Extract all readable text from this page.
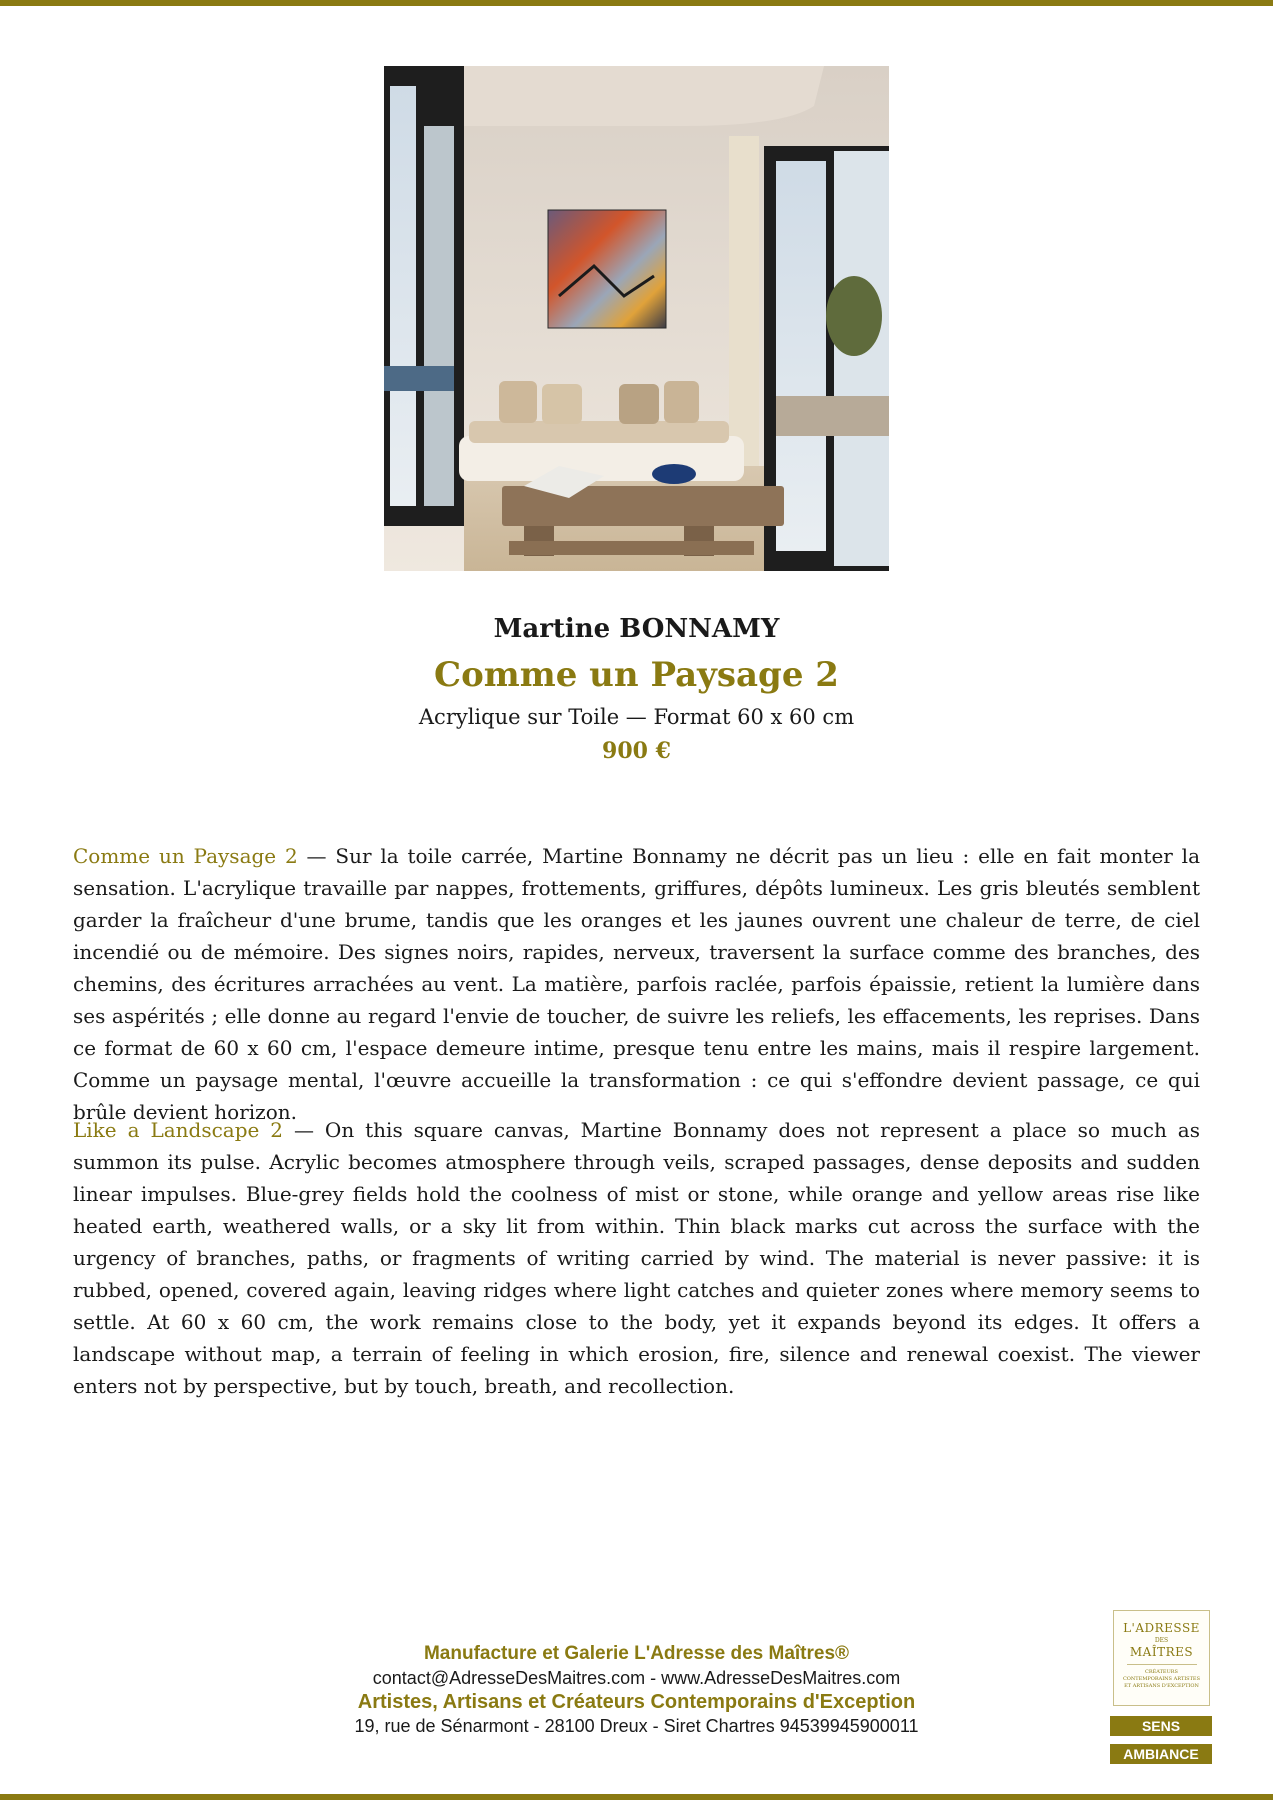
Martine BONNAMY
Comme un Paysage 2
Acrylique sur Toile — Format 60 x 60 cm
900 €

Comme un Paysage 2 — Sur la toile carrée, Martine Bonnamy ne décrit pas un lieu : elle en fait monter la sensation. L'acrylique travaille par nappes, frottements, griffures, dépôts lumineux. Les gris bleutés semblent garder la fraîcheur d'une brume, tandis que les oranges et les jaunes ouvrent une chaleur de terre, de ciel incendié ou de mémoire. Des signes noirs, rapides, nerveux, traversent la surface comme des branches, des chemins, des écritures arrachées au vent. La matière, parfois raclée, parfois épaissie, retient la lumière dans ses aspérités ; elle donne au regard l'envie de toucher, de suivre les reliefs, les effacements, les reprises. Dans ce format de 60 x 60 cm, l'espace demeure intime, presque tenu entre les mains, mais il respire largement. Comme un paysage mental, l'œuvre accueille la transformation : ce qui s'effondre devient passage, ce qui brûle devient horizon.

Like a Landscape 2 — On this square canvas, Martine Bonnamy does not represent a place so much as summon its pulse. Acrylic becomes atmosphere through veils, scraped passages, dense deposits and sudden linear impulses. Blue-grey fields hold the coolness of mist or stone, while orange and yellow areas rise like heated earth, weathered walls, or a sky lit from within. Thin black marks cut across the surface with the urgency of branches, paths, or fragments of writing carried by wind. The material is never passive: it is rubbed, opened, covered again, leaving ridges where light catches and quieter zones where memory seems to settle. At 60 x 60 cm, the work remains close to the body, yet it expands beyond its edges. It offers a landscape without map, a terrain of feeling in which erosion, fire, silence and renewal coexist. The viewer enters not by perspective, but by touch, breath, and recollection.

Manufacture et Galerie L'Adresse des Maîtres®
contact@AdresseDesMaitres.com - www.AdresseDesMaitres.com
Artistes, Artisans et Créateurs Contemporains d'Exception
19, rue de Sénarmont - 28100 Dreux - Siret Chartres 94539945900011
L'ADRESSE
DES
MAÎTRES
CRÉATEURS CONTEMPORAINS ARTISTES ET ARTISANS D'EXCEPTION
SENS
AMBIANCE
